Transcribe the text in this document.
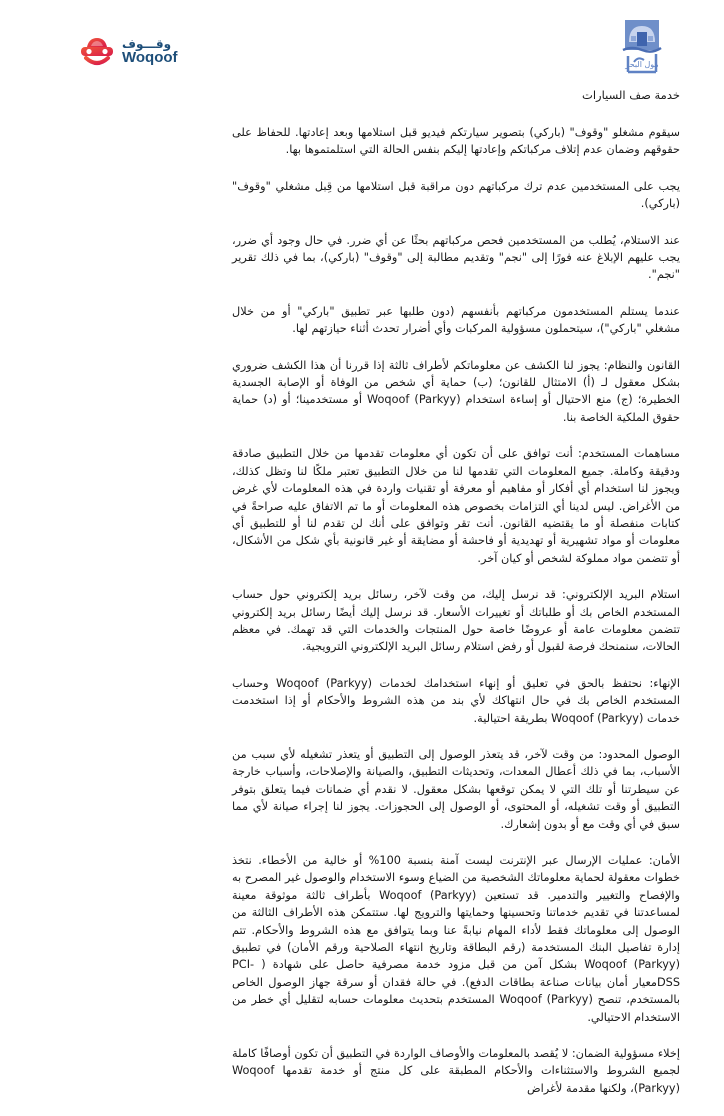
وقـــوف
Woqoof	مول البحر
خدمة صف السيارات

سيقوم مشغلو "وقوف" (باركي) بتصوير سيارتكم فيديو قبل استلامها وبعد إعادتها. للحفاظ على حقوقهم وضمان عدم إتلاف مركباتكم وإعادتها إليكم بنفس الحالة التي استلمتموها بها.

يجب على المستخدمين عدم ترك مركباتهم دون مراقبة قبل استلامها من قِبل مشغلي "وقوف" (باركي).

عند الاستلام، يُطلب من المستخدمين فحص مركباتهم بحثًا عن أي ضرر. في حال وجود أي ضرر، يجب عليهم الإبلاغ عنه فورًا إلى "نجم" وتقديم مطالبة إلى "وقوف" (باركي)، بما في ذلك تقرير "نجم".

عندما يستلم المستخدمون مركباتهم بأنفسهم (دون طلبها عبر تطبيق "باركي" أو من خلال مشغلي "باركي")، سيتحملون مسؤولية المركبات وأي أضرار تحدث أثناء حيازتهم لها.

القانون والنظام: يجوز لنا الكشف عن معلوماتكم لأطراف ثالثة إذا قررنا أن هذا الكشف ضروري بشكل معقول لـ (أ) الامتثال للقانون؛ (ب) حماية أي شخص من الوفاة أو الإصابة الجسدية الخطيرة؛ (ج) منع الاحتيال أو إساءة استخدام Woqoof (Parkyy) أو مستخدمينا؛ أو (د) حماية حقوق الملكية الخاصة بنا.

مساهمات المستخدم: أنت توافق على أن تكون أي معلومات تقدمها من خلال التطبيق صادقة ودقيقة وكاملة. جميع المعلومات التي تقدمها لنا من خلال التطبيق تعتبر ملكًا لنا وتظل كذلك، ويجوز لنا استخدام أي أفكار أو مفاهيم أو معرفة أو تقنيات واردة في هذه المعلومات لأي غرض من الأغراض. ليس لدينا أي التزامات بخصوص هذه المعلومات أو ما تم الاتفاق عليه صراحةً في كتابات منفصلة أو ما يقتضيه القانون. أنت تقر وتوافق على أنك لن تقدم لنا أو للتطبيق أي معلومات أو مواد تشهيرية أو تهديدية أو فاحشة أو مضايقة أو غير قانونية بأي شكل من الأشكال، أو تتضمن مواد مملوكة لشخص أو كيان آخر.

استلام البريد الإلكتروني: قد نرسل إليك، من وقت لآخر، رسائل بريد إلكتروني حول حساب المستخدم الخاص بك أو طلباتك أو تغييرات الأسعار. قد نرسل إليك أيضًا رسائل بريد إلكتروني تتضمن معلومات عامة أو عروضًا خاصة حول المنتجات والخدمات التي قد تهمك. في معظم الحالات، سنمنحك فرصة لقبول أو رفض استلام رسائل البريد الإلكتروني الترويجية.

الإنهاء: نحتفظ بالحق في تعليق أو إنهاء استخدامك لخدمات Woqoof (Parkyy) وحساب المستخدم الخاص بك في حال انتهاكك لأي بند من هذه الشروط والأحكام أو إذا استخدمت خدمات Woqoof (Parkyy) بطريقة احتيالية.

الوصول المحدود: من وقت لآخر، قد يتعذر الوصول إلى التطبيق أو يتعذر تشغيله لأي سبب من الأسباب، بما في ذلك أعطال المعدات، وتحديثات التطبيق، والصيانة والإصلاحات، وأسباب خارجة عن سيطرتنا أو تلك التي لا يمكن توقعها بشكل معقول. لا نقدم أي ضمانات فيما يتعلق بتوفر التطبيق أو وقت تشغيله، أو المحتوى، أو الوصول إلى الحجوزات. يجوز لنا إجراء صيانة لأي مما سبق في أي وقت مع أو بدون إشعارك.

الأمان: عمليات الإرسال عبر الإنترنت ليست آمنة بنسبة 100% أو خالية من الأخطاء. نتخذ خطوات معقولة لحماية معلوماتك الشخصية من الضياع وسوء الاستخدام والوصول غير المصرح به والإفصاح والتغيير والتدمير. قد تستعين Woqoof (Parkyy) بأطراف ثالثة موثوقة معينة لمساعدتنا في تقديم خدماتنا وتحسينها وحمايتها والترويج لها. ستتمكن هذه الأطراف الثالثة من الوصول إلى معلوماتك فقط لأداء المهام نيابةً عنا وبما يتوافق مع هذه الشروط والأحكام. تتم إدارة تفاصيل البنك المستخدمة (رقم البطاقة وتاريخ انتهاء الصلاحية ورقم الأمان) في تطبيق Woqoof (Parkyy) بشكل آمن من قبل مزود خدمة مصرفية حاصل على شهادة ( PCI-DSSمعيار أمان بيانات صناعة بطاقات الدفع). في حالة فقدان أو سرقة جهاز الوصول الخاص بالمستخدم، تنصح Woqoof (Parkyy) المستخدم بتحديث معلومات حسابه لتقليل أي خطر من الاستخدام الاحتيالي.

إخلاء مسؤولية الضمان: لا يُقصد بالمعلومات والأوصاف الواردة في التطبيق أن تكون أوصافًا كاملة لجميع الشروط والاستثناءات والأحكام المطبقة على كل منتج أو خدمة تقدمها Woqoof (Parkyy)، ولكنها مقدمة لأغراض
